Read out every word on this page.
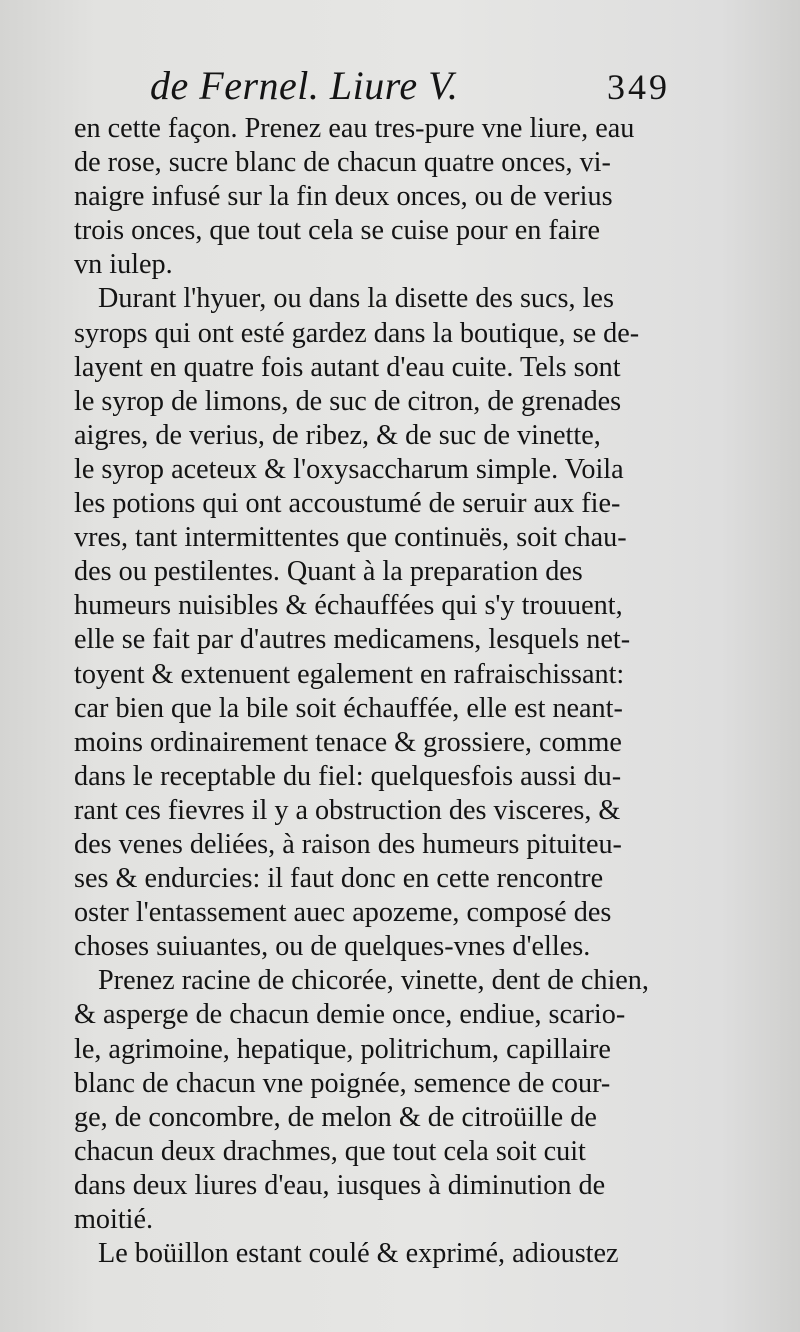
de Fernel. Liure V.	349
en cette façon. Prenez eau tres-pure vne liure, eau
de rose, sucre blanc de chacun quatre onces, vi-
naigre infusé sur la fin deux onces, ou de verius
trois onces, que tout cela se cuise pour en faire
vn iulep.
Durant l'hyuer, ou dans la disette des sucs, les
syrops qui ont esté gardez dans la boutique, se de-
layent en quatre fois autant d'eau cuite. Tels sont
le syrop de limons, de suc de citron, de grenades
aigres, de verius, de ribez, & de suc de vinette,
le syrop aceteux & l'oxysaccharum simple. Voila
les potions qui ont accoustumé de seruir aux fie-
vres, tant intermittentes que continuës, soit chau-
des ou pestilentes. Quant à la preparation des
humeurs nuisibles & échauffées qui s'y trouuent,
elle se fait par d'autres medicamens, lesquels net-
toyent & extenuent egalement en rafraischissant:
car bien que la bile soit échauffée, elle est neant-
moins ordinairement tenace & grossiere, comme
dans le receptable du fiel: quelquesfois aussi du-
rant ces fievres il y a obstruction des visceres, &
des venes deliées, à raison des humeurs pituiteu-
ses & endurcies: il faut donc en cette rencontre
oster l'entassement auec apozeme, composé des
choses suiuantes, ou de quelques-vnes d'elles.
Prenez racine de chicorée, vinette, dent de chien,
& asperge de chacun demie once, endiue, scario-
le, agrimoine, hepatique, politrichum, capillaire
blanc de chacun vne poignée, semence de cour-
ge, de concombre, de melon & de citroüille de
chacun deux drachmes, que tout cela soit cuit
dans deux liures d'eau, iusques à diminution de
moitié.
Le boüillon estant coulé & exprimé, adioustez
